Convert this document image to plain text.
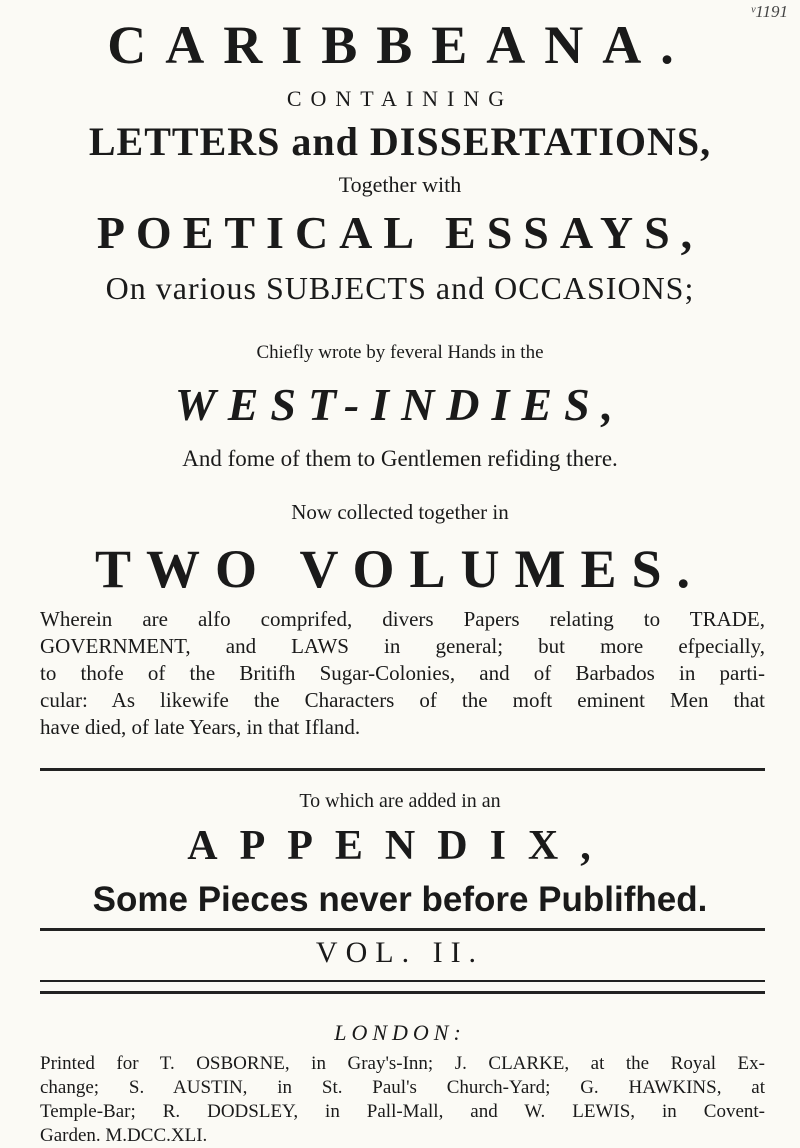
ᵛ1191
CARIBBEANA.
CONTAINING
LETTERS and DISSERTATIONS,
Together with
POETICAL ESSAYS,
On various SUBJECTS and OCCASIONS;
Chiefly wrote by feveral Hands in the
WEST-INDIES,
And fome of them to Gentlemen refiding there.
Now collected together in
TWO VOLUMES.
Wherein are alfo comprifed, divers Papers relating to TRADE,
GOVERNMENT, and LAWS in general; but more efpecially,
to thofe of the Britifh Sugar-Colonies, and of Barbados in parti-
cular: As likewife the Characters of the moft eminent Men that
have died, of late Years, in that Ifland.
To which are added in an
APPENDIX,
Some Pieces never before Publifhed.
VOL. II.
LONDON:
Printed for T. OSBORNE, in Gray's-Inn; J. CLARKE, at the Royal Ex-
change; S. AUSTIN, in St. Paul's Church-Yard; G. HAWKINS, at
Temple-Bar; R. DODSLEY, in Pall-Mall, and W. LEWIS, in Covent-
Garden. M.DCC.XLI.
